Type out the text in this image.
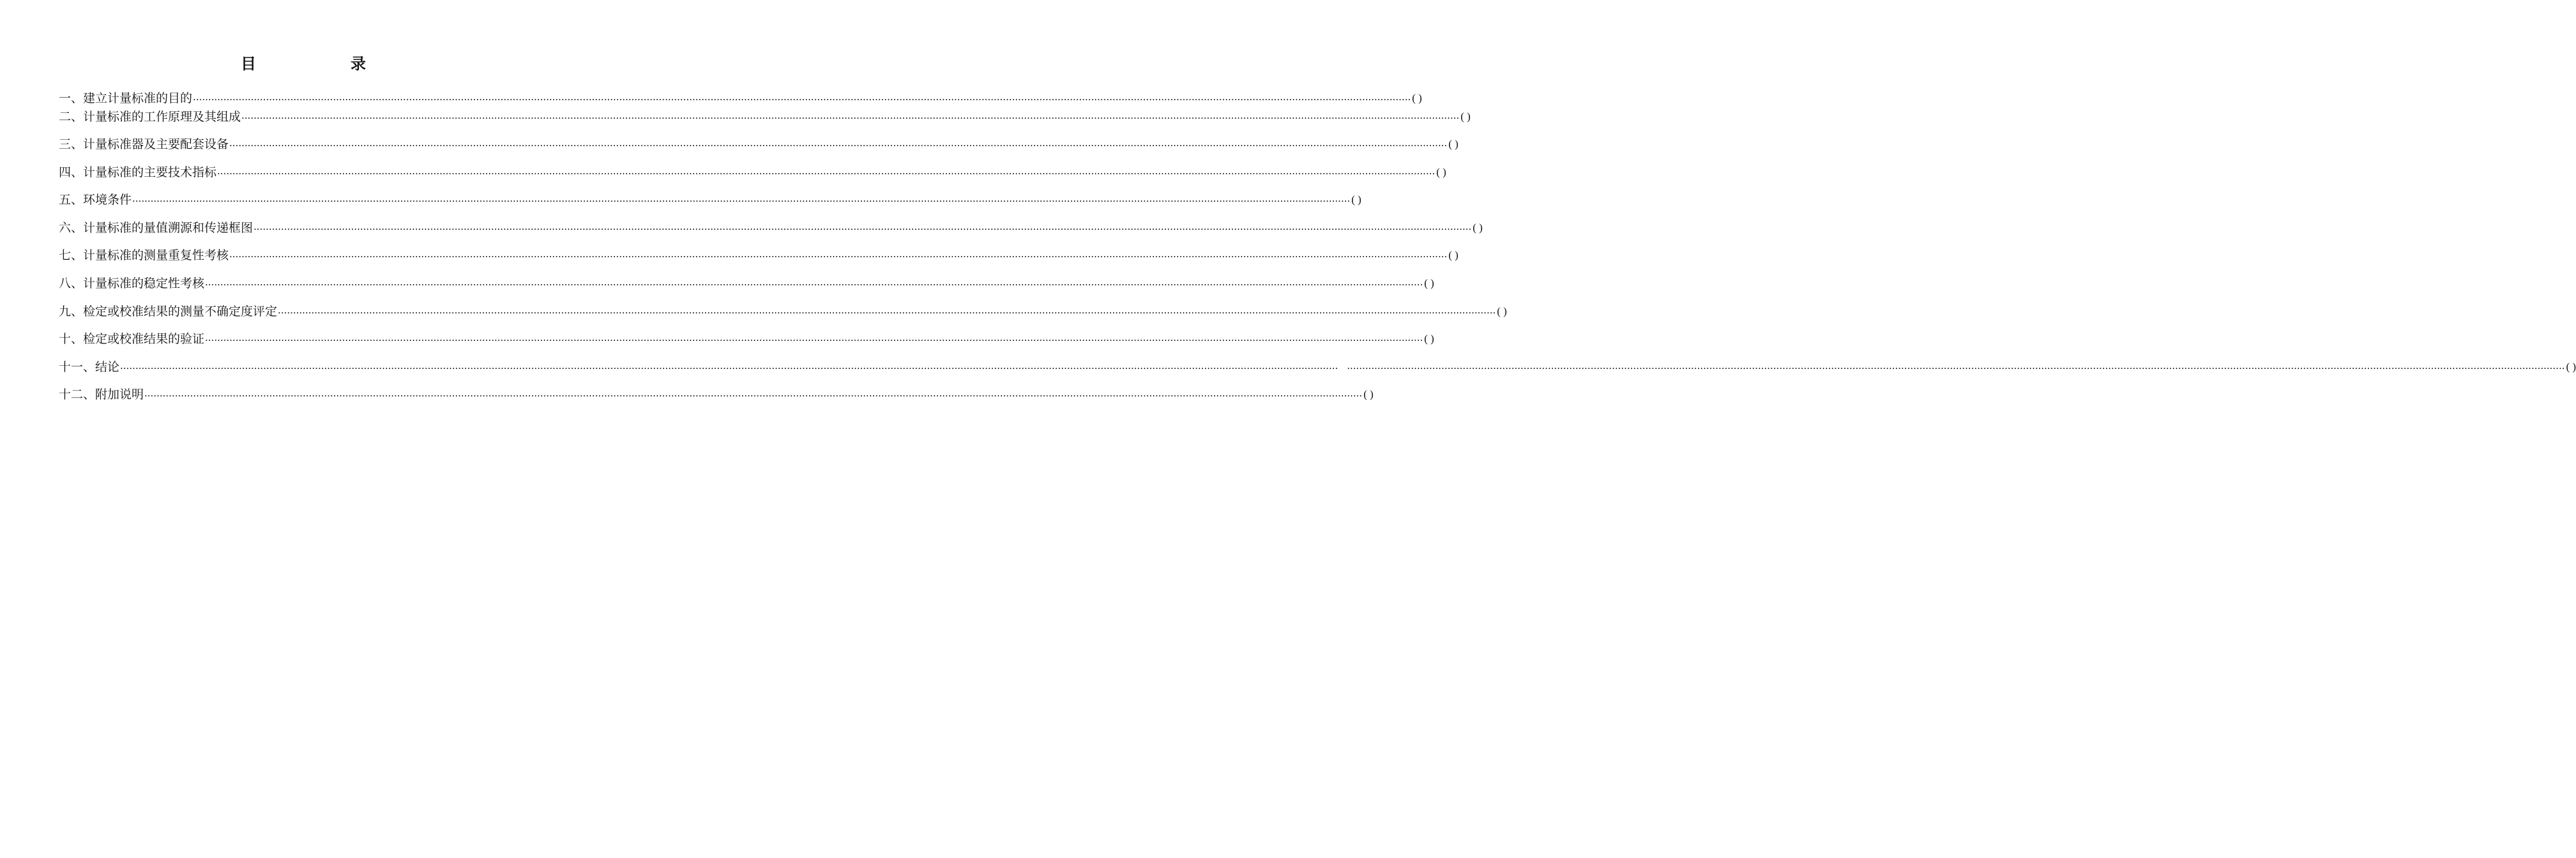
目　录
一、建立计量标准的目的 ················································································································································································································································································································································································································ ( )
二、计量标准的工作原理及其组成 ················································································································································································································································································································································································································ ( )
三、计量标准器及主要配套设备 ················································································································································································································································································································································································································ ( )
四、计量标准的主要技术指标 ················································································································································································································································································································································································································ ( )
五、环境条件 ················································································································································································································································································································································································································ ( )
六、计量标准的量值溯源和传递框图 ················································································································································································································································································································································································································ ( )
七、计量标准的测量重复性考核 ················································································································································································································································································································································································································ ( )
八、计量标准的稳定性考核 ················································································································································································································································································································································································································ ( )
九、检定或校准结果的测量不确定度评定 ················································································································································································································································································································································································································ ( )
十、检定或校准结果的验证 ················································································································································································································································································································································································································ ( )
十一、结论 ················································································································································································································································································································································································································ ················································································································································································································································································································································································································ ( )
十二、附加说明 ················································································································································································································································································································································································································ ( )
